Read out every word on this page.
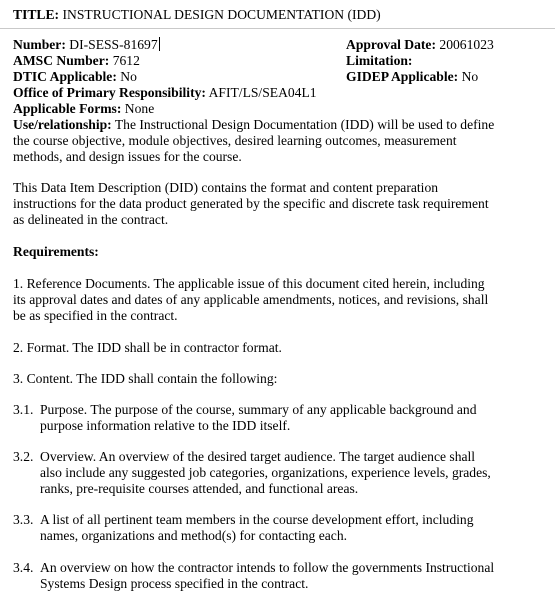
TITLE: INSTRUCTIONAL DESIGN DOCUMENTATION (IDD)
Number: DI-SESS-81697
AMSC Number: 7612
DTIC Applicable: No
Office of Primary Responsibility: AFIT/LS/SEA04L1
Applicable Forms: None
Approval Date: 20061023
Limitation:
GIDEP Applicable: No
Use/relationship: The Instructional Design Documentation (IDD) will be used to define
the course objective, module objectives, desired learning outcomes, measurement
methods, and design issues for the course.
This Data Item Description (DID) contains the format and content preparation
instructions for the data product generated by the specific and discrete task requirement
as delineated in the contract.
Requirements:
1. Reference Documents. The applicable issue of this document cited herein, including
its approval dates and dates of any applicable amendments, notices, and revisions, shall
be as specified in the contract.
2. Format. The IDD shall be in contractor format.
3. Content. The IDD shall contain the following:
3.1. Purpose. The purpose of the course, summary of any applicable background and
purpose information relative to the IDD itself.
3.2. Overview. An overview of the desired target audience. The target audience shall
also include any suggested job categories, organizations, experience levels, grades,
ranks, pre-requisite courses attended, and functional areas.
3.3. A list of all pertinent team members in the course development effort, including
names, organizations and method(s) for contacting each.
3.4. An overview on how the contractor intends to follow the governments Instructional
Systems Design process specified in the contract.
